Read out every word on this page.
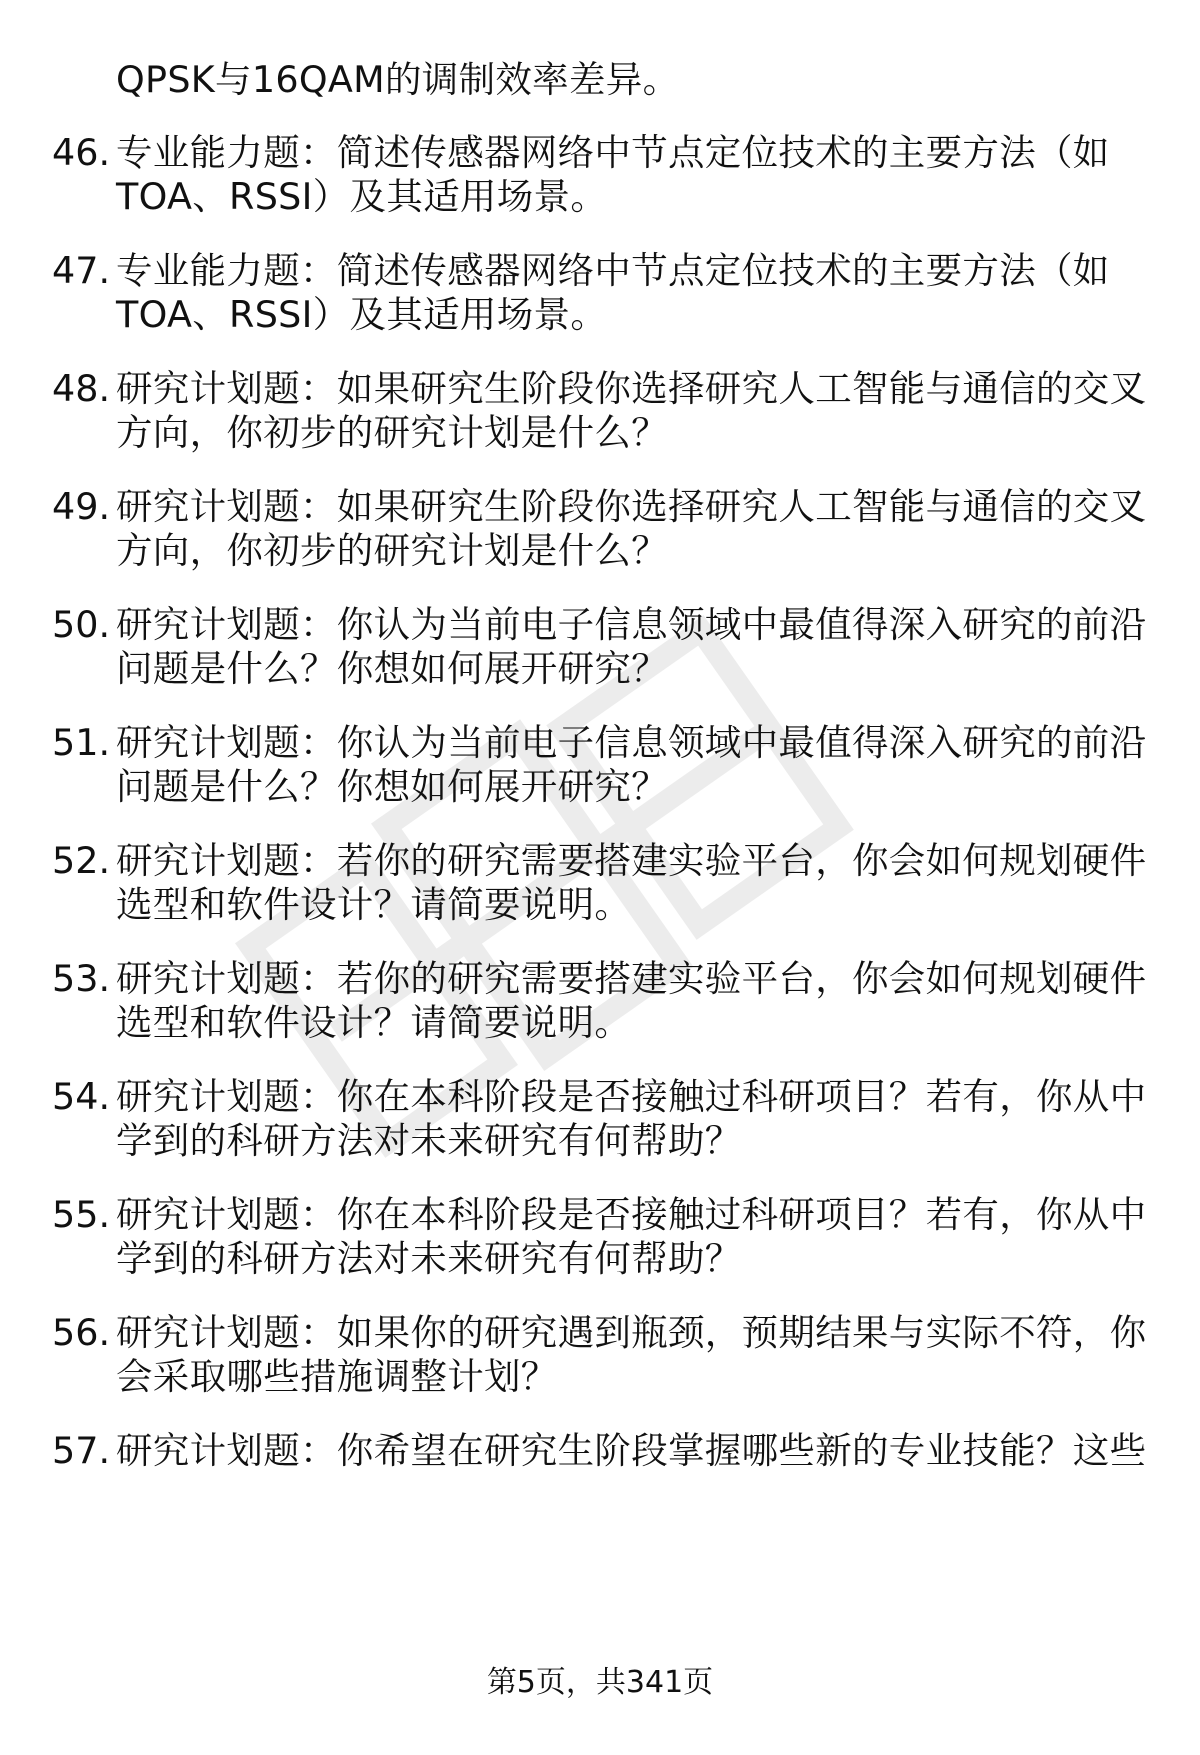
QPSK与16QAM的调制效率差异。
46. 专业能力题：简述传感器网络中节点定位技术的主要方法（如
TOA、RSSI）及其适用场景。
47. 专业能力题：简述传感器网络中节点定位技术的主要方法（如
TOA、RSSI）及其适用场景。
48. 研究计划题：如果研究生阶段你选择研究人工智能与通信的交叉
方向，你初步的研究计划是什么？
49. 研究计划题：如果研究生阶段你选择研究人工智能与通信的交叉
方向，你初步的研究计划是什么？
50. 研究计划题：你认为当前电子信息领域中最值得深入研究的前沿
问题是什么？你想如何展开研究？
51. 研究计划题：你认为当前电子信息领域中最值得深入研究的前沿
问题是什么？你想如何展开研究？
52. 研究计划题：若你的研究需要搭建实验平台，你会如何规划硬件
选型和软件设计？请简要说明。
53. 研究计划题：若你的研究需要搭建实验平台，你会如何规划硬件
选型和软件设计？请简要说明。
54. 研究计划题：你在本科阶段是否接触过科研项目？若有，你从中
学到的科研方法对未来研究有何帮助？
55. 研究计划题：你在本科阶段是否接触过科研项目？若有，你从中
学到的科研方法对未来研究有何帮助？
56. 研究计划题：如果你的研究遇到瓶颈，预期结果与实际不符，你
会采取哪些措施调整计划？
57. 研究计划题：你希望在研究生阶段掌握哪些新的专业技能？这些
第5页，共341页
